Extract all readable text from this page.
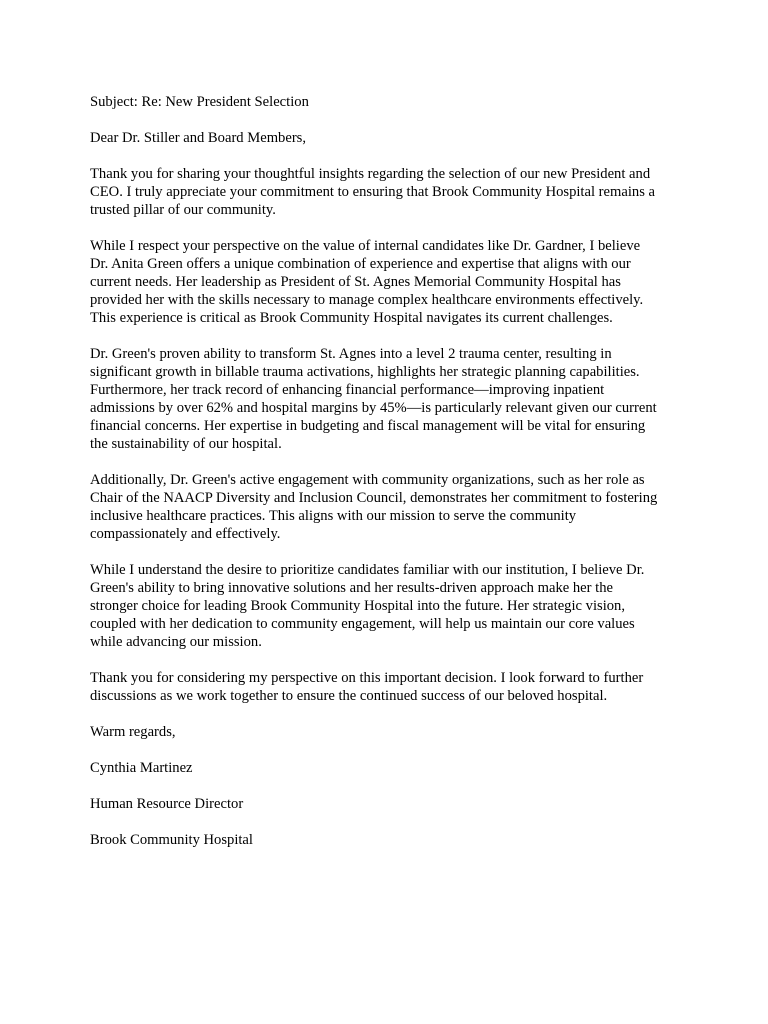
Subject: Re: New President Selection

Dear Dr. Stiller and Board Members,

Thank you for sharing your thoughtful insights regarding the selection of our new President and
CEO. I truly appreciate your commitment to ensuring that Brook Community Hospital remains a
trusted pillar of our community.

While I respect your perspective on the value of internal candidates like Dr. Gardner, I believe
Dr. Anita Green offers a unique combination of experience and expertise that aligns with our
current needs. Her leadership as President of St. Agnes Memorial Community Hospital has
provided her with the skills necessary to manage complex healthcare environments effectively.
This experience is critical as Brook Community Hospital navigates its current challenges.

Dr. Green's proven ability to transform St. Agnes into a level 2 trauma center, resulting in
significant growth in billable trauma activations, highlights her strategic planning capabilities.
Furthermore, her track record of enhancing financial performance—improving inpatient
admissions by over 62% and hospital margins by 45%—is particularly relevant given our current
financial concerns. Her expertise in budgeting and fiscal management will be vital for ensuring
the sustainability of our hospital.

Additionally, Dr. Green's active engagement with community organizations, such as her role as
Chair of the NAACP Diversity and Inclusion Council, demonstrates her commitment to fostering
inclusive healthcare practices. This aligns with our mission to serve the community
compassionately and effectively.

While I understand the desire to prioritize candidates familiar with our institution, I believe Dr.
Green's ability to bring innovative solutions and her results-driven approach make her the
stronger choice for leading Brook Community Hospital into the future. Her strategic vision,
coupled with her dedication to community engagement, will help us maintain our core values
while advancing our mission.

Thank you for considering my perspective on this important decision. I look forward to further
discussions as we work together to ensure the continued success of our beloved hospital.

Warm regards,

Cynthia Martinez

Human Resource Director

Brook Community Hospital
